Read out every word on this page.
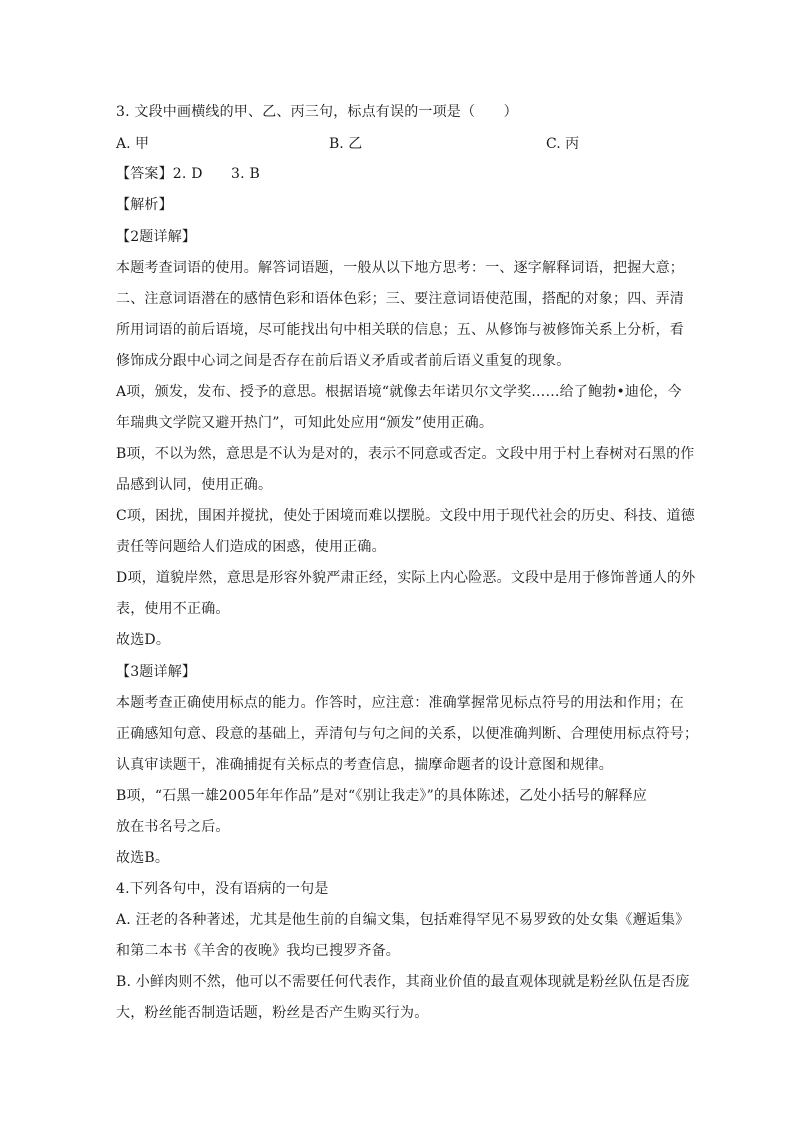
3. 文段中画横线的甲、乙、丙三句，标点有误的一项是（　　）
A. 甲	B. 乙	C. 丙
【答案】2. D　　3. B
【解析】
【2题详解】
本题考查词语的使用。解答词语题，一般从以下地方思考：一、逐字解释词语，把握大意；
二、注意词语潜在的感情色彩和语体色彩；三、要注意词语使范围，搭配的对象；四、弄清
所用词语的前后语境，尽可能找出句中相关联的信息；五、从修饰与被修饰关系上分析，看
修饰成分跟中心词之间是否存在前后语义矛盾或者前后语义重复的现象。
A项，颁发，发布、授予的意思。根据语境“就像去年诺贝尔文学奖……给了鲍勃•迪伦，今
年瑞典文学院又避开热门”，可知此处应用“颁发”使用正确。
B项，不以为然，意思是不认为是对的，表示不同意或否定。文段中用于村上春树对石黑的作
品感到认同，使用正确。
C项，困扰，围困并搅扰，使处于困境而难以摆脱。文段中用于现代社会的历史、科技、道德
责任等问题给人们造成的困惑，使用正确。
D项，道貌岸然，意思是形容外貌严肃正经，实际上内心险恶。文段中是用于修饰普通人的外
表，使用不正确。
故选D。
【3题详解】
本题考查正确使用标点的能力。作答时，应注意：准确掌握常见标点符号的用法和作用；在
正确感知句意、段意的基础上，弄清句与句之间的关系，以便准确判断、合理使用标点符号；
认真审读题干，准确捕捉有关标点的考查信息，揣摩命题者的设计意图和规律。
B项，“石黑一雄2005年年作品”是对“《别让我走》”的具体陈述，乙处小括号的解释应
放在书名号之后。
故选B。
4.下列各句中，没有语病的一句是
A. 汪老的各种著述，尤其是他生前的自编文集，包括难得罕见不易罗致的处女集《邂逅集》
和第二本书《羊舍的夜晚》我均已搜罗齐备。
B. 小鲜肉则不然，他可以不需要任何代表作，其商业价值的最直观体现就是粉丝队伍是否庞
大，粉丝能否制造话题，粉丝是否产生购买行为。
